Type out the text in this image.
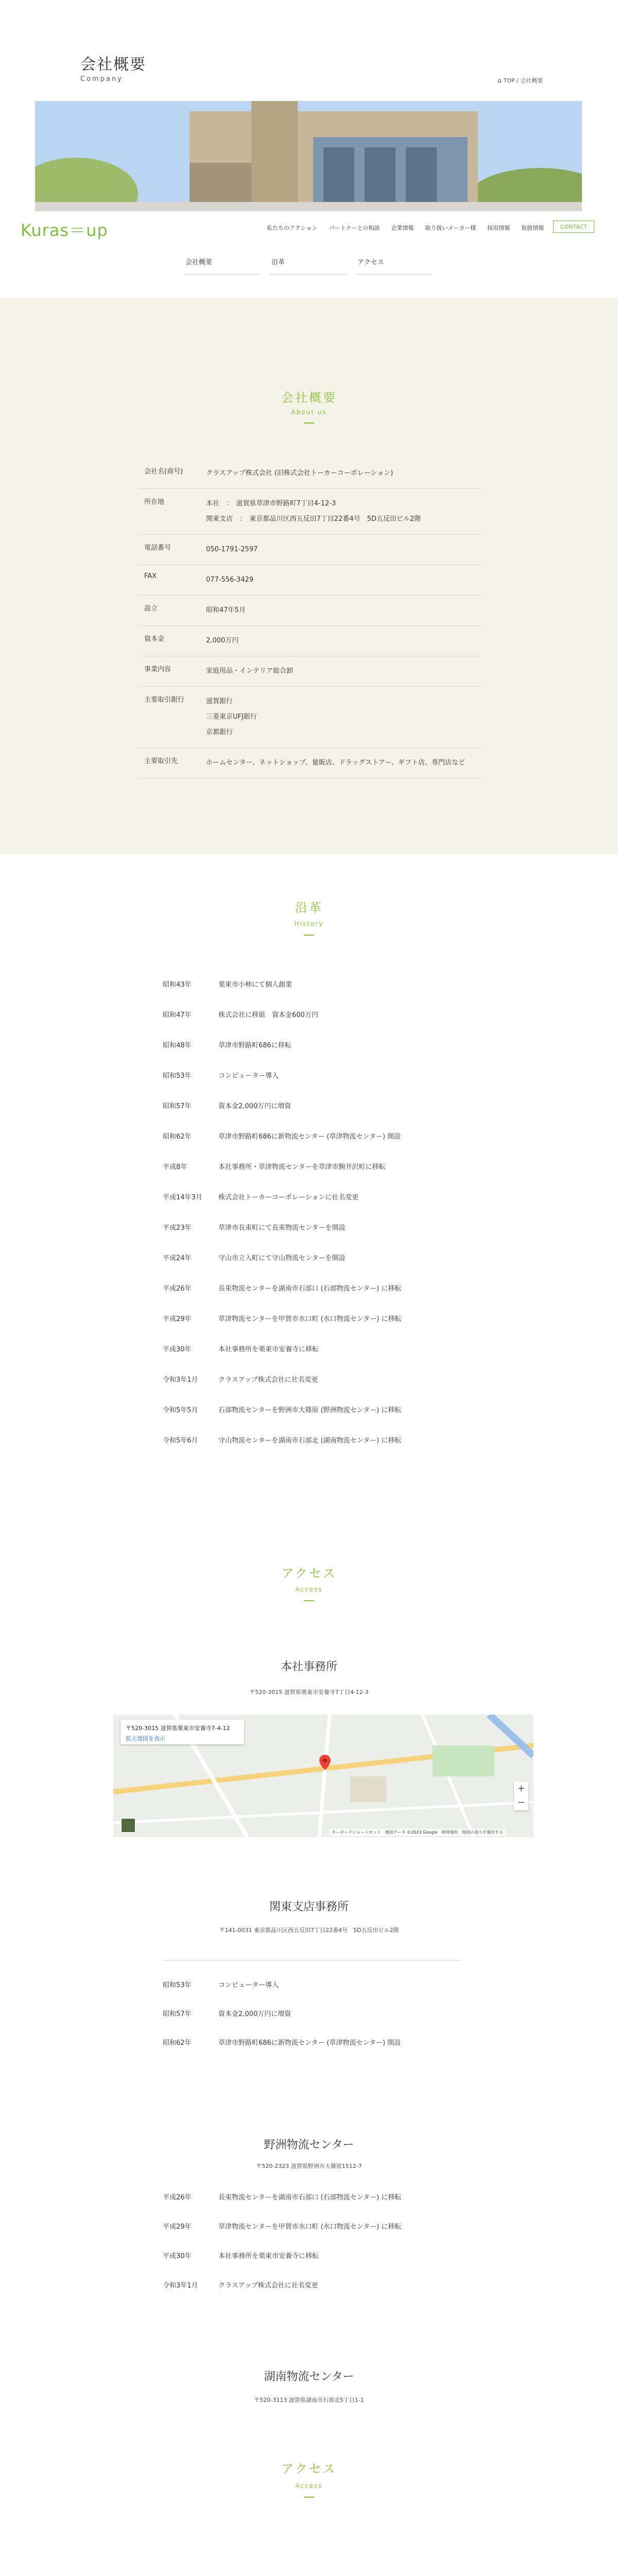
会社概要
Company	⌂ TOP / 会社概要
Kuras＝up	私たちのアクション パートナーとの相談 企業情報 取り扱いメーカー様 採用情報 取扱情報	CONTACT
会社概要	沿革	アクセス
会社概要
About us
会社名(商号)	クラスアップ株式会社 (旧株式会社トーカーコーポレーション)
所在地	本社　：　滋賀県草津市野路町7丁目4-12-3
関東支店　：　東京都品川区西五反田7丁目22番4号　5D五反田ビル2階
電話番号	050-1791-2597
FAX	077-556-3429
設立	昭和47年5月
資本金	2,000万円
事業内容	家庭用品・インテリア総合卸
主要取引銀行	滋賀銀行
三菱東京UFJ銀行
京都銀行
主要取引先	ホームセンター、ネットショップ、量販店、ドラッグストアー、ギフト店、専門店など
沿革
History
昭和43年	栗東市小柿にて個人創業
昭和47年	株式会社に移組　資本金600万円
昭和48年	草津市野路町686に移転
昭和53年	コンピューター導入
昭和57年	資本金2,000万円に増資
昭和62年	草津市野路町686に新物流センター (草津物流センター) 開設
平成8年	本社事務所・草津物流センターを草津市駒井沢町に移転
平成14年3月	株式会社トーカーコーポレーションに社名変更
平成23年	草津市長束町にて長束物流センターを開設
平成24年	守山市立入町にて守山物流センターを開設
平成26年	長束物流センターを湖南市石部口 (石部物流センター) に移転
平成29年	草津物流センターを甲賀市水口町 (水口物流センター) に移転
平成30年	本社事務所を栗東市安養寺に移転
令和3年1月	クラスアップ株式会社に社名変更
令和5年5月	石部物流センターを野洲市大篠原 (野洲物流センター) に移転
令和5年6月	守山物流センターを湖南市石部北 (湖南物流センター) に移転
アクセス
Access
本社事務所
〒520-3015 滋賀県栗東市安養寺7丁目4-12-3
〒520-3015 滋賀県栗東市安養寺7-4-12
拡大地図を表示
+
−
キーボードショートカット　地図データ ©2023 Google　利用規約　地図の誤りを報告する
関東支店事務所
〒141-0031 東京都品川区西五反田7丁目22番4号　5D五反田ビル2階
昭和53年	コンピューター導入
昭和57年	資本金2,000万円に増資
昭和62年	草津市野路町686に新物流センター (草津物流センター) 開設
野洲物流センター
〒520-2323 滋賀県野洲市大篠原1512-7
平成26年	長束物流センターを湖南市石部口 (石部物流センター) に移転
平成29年	草津物流センターを甲賀市水口町 (水口物流センター) に移転
平成30年	本社事務所を栗東市安養寺に移転
令和3年1月	クラスアップ株式会社に社名変更
湖南物流センター
〒520-3113 滋賀県湖南市石部北5丁目1-1
アクセス
Access
